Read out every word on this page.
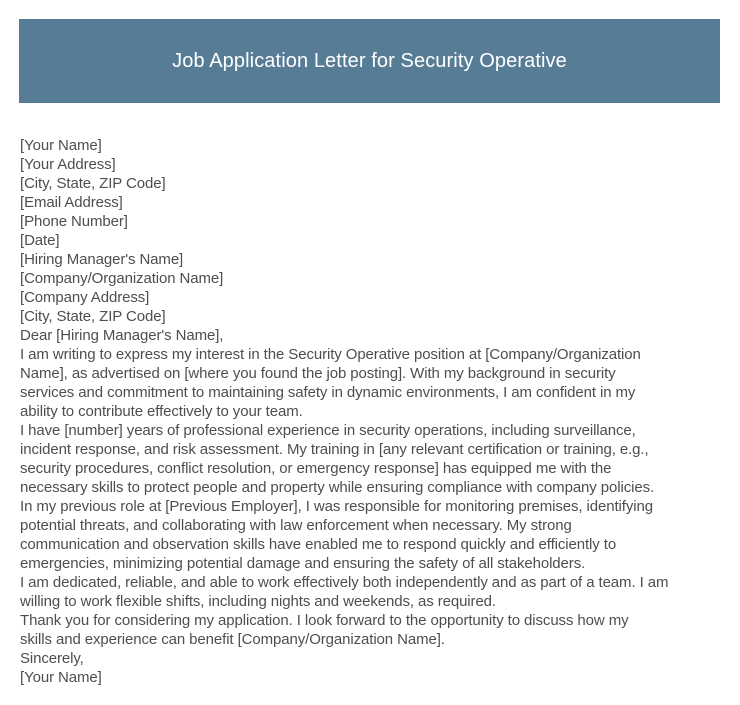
Job Application Letter for Security Operative
[Your Name]
[Your Address]
[City, State, ZIP Code]
[Email Address]
[Phone Number]
[Date]
[Hiring Manager's Name]
[Company/Organization Name]
[Company Address]
[City, State, ZIP Code]
Dear [Hiring Manager's Name],
I am writing to express my interest in the Security Operative position at [Company/Organization
Name], as advertised on [where you found the job posting]. With my background in security
services and commitment to maintaining safety in dynamic environments, I am confident in my
ability to contribute effectively to your team.
I have [number] years of professional experience in security operations, including surveillance,
incident response, and risk assessment. My training in [any relevant certification or training, e.g.,
security procedures, conflict resolution, or emergency response] has equipped me with the
necessary skills to protect people and property while ensuring compliance with company policies.
In my previous role at [Previous Employer], I was responsible for monitoring premises, identifying
potential threats, and collaborating with law enforcement when necessary. My strong
communication and observation skills have enabled me to respond quickly and efficiently to
emergencies, minimizing potential damage and ensuring the safety of all stakeholders.
I am dedicated, reliable, and able to work effectively both independently and as part of a team. I am
willing to work flexible shifts, including nights and weekends, as required.
Thank you for considering my application. I look forward to the opportunity to discuss how my
skills and experience can benefit [Company/Organization Name].
Sincerely,
[Your Name]
